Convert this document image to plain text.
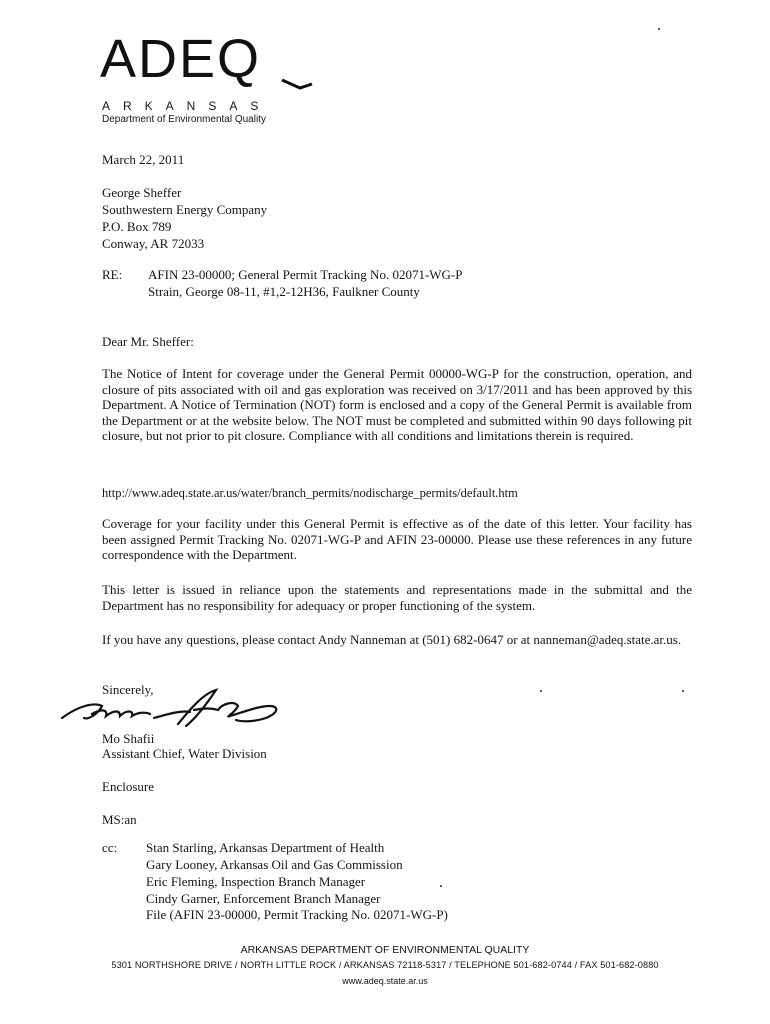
ADEQ
ARKANSAS
Department of Environmental Quality
March 22, 2011
George Sheffer
Southwestern Energy Company
P.O. Box 789
Conway, AR 72033
RE: AFIN 23-00000; General Permit Tracking No. 02071-WG-P
Strain, George 08-11, #1,2-12H36, Faulkner County
Dear Mr. Sheffer:
The Notice of Intent for coverage under the General Permit 00000-WG-P for the construction, operation, and closure of pits associated with oil and gas exploration was received on 3/17/2011 and has been approved by this Department. A Notice of Termination (NOT) form is enclosed and a copy of the General Permit is available from the Department or at the website below. The NOT must be completed and submitted within 90 days following pit closure, but not prior to pit closure. Compliance with all conditions and limitations therein is required.
http://www.adeq.state.ar.us/water/branch_permits/nodischarge_permits/default.htm
Coverage for your facility under this General Permit is effective as of the date of this letter. Your facility has been assigned Permit Tracking No. 02071-WG-P and AFIN 23-00000. Please use these references in any future correspondence with the Department.
This letter is issued in reliance upon the statements and representations made in the submittal and the Department has no responsibility for adequacy or proper functioning of the system.
If you have any questions, please contact Andy Nanneman at (501) 682-0647 or at nanneman@adeq.state.ar.us.
Sincerely,
Mo Shafii
Assistant Chief, Water Division
Enclosure
MS:an
cc: Stan Starling, Arkansas Department of Health
Gary Looney, Arkansas Oil and Gas Commission
Eric Fleming, Inspection Branch Manager
Cindy Garner, Enforcement Branch Manager
File (AFIN 23-00000, Permit Tracking No. 02071-WG-P)
ARKANSAS DEPARTMENT OF ENVIRONMENTAL QUALITY
5301 NORTHSHORE DRIVE / NORTH LITTLE ROCK / ARKANSAS 72118-5317 / TELEPHONE 501-682-0744 / FAX 501-682-0880
www.adeq.state.ar.us
